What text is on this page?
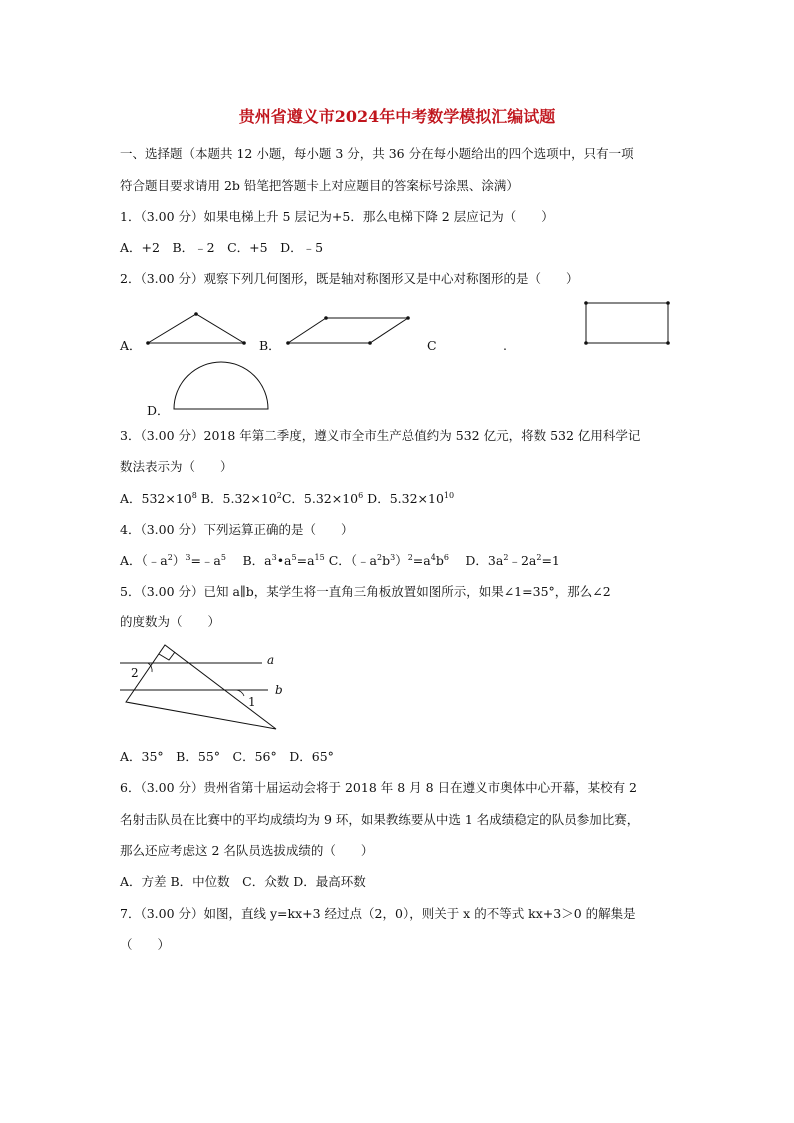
贵州省遵义市2024年中考数学模拟汇编试题
一、选择题（本题共 12 小题，每小题 3 分，共 36 分在每小题给出的四个选项中，只有一项
符合题目要求请用 2b 铅笔把答题卡上对应题目的答案标号涂黑、涂满）
1．（3.00 分）如果电梯上升 5 层记为+5．那么电梯下降 2 层应记为（　　）
A．+2　B．﹣2　C．+5　D．﹣5
2．（3.00 分）观察下列几何图形，既是轴对称图形又是中心对称图形的是（　　）
A．	B．	C	.
D．
3．（3.00 分）2018 年第二季度，遵义市全市生产总值约为 532 亿元，将数 532 亿用科学记
数法表示为（　　）
A．$532\times 10^8$ B．$5.32\times 10^2C$．$5.32\times 10^6$ D．$5.32\times 10^{10}$
4．（3.00 分）下列运算正确的是（　　）
A．$(﹣a^2)^3=﹣a^5$　 B．$a^3•a^5=a^{15}$ C．$(﹣a^2b^3)^2=a^4b^6$　 D．$3a^2﹣2a^2=1$
5．（3.00 分）已知 a∥b，某学生将一直角三角板放置如图所示，如果∠1=35°，那么∠2
的度数为（　　）
a
b
1
2
A．35°　B．55°　C．56°　D．65°
6．（3.00 分）贵州省第十届运动会将于 2018 年 8 月 8 日在遵义市奥体中心开幕，某校有 2
名射击队员在比赛中的平均成绩均为 9 环，如果教练要从中选 1 名成绩稳定的队员参加比赛，
那么还应考虑这 2 名队员选拔成绩的（　　）
A．方差 B．中位数　C．众数 D．最高环数
7．（3.00 分）如图，直线 y=kx+3 经过点（2，0），则关于 x 的不等式 kx+3＞0 的解集是
（　　）
